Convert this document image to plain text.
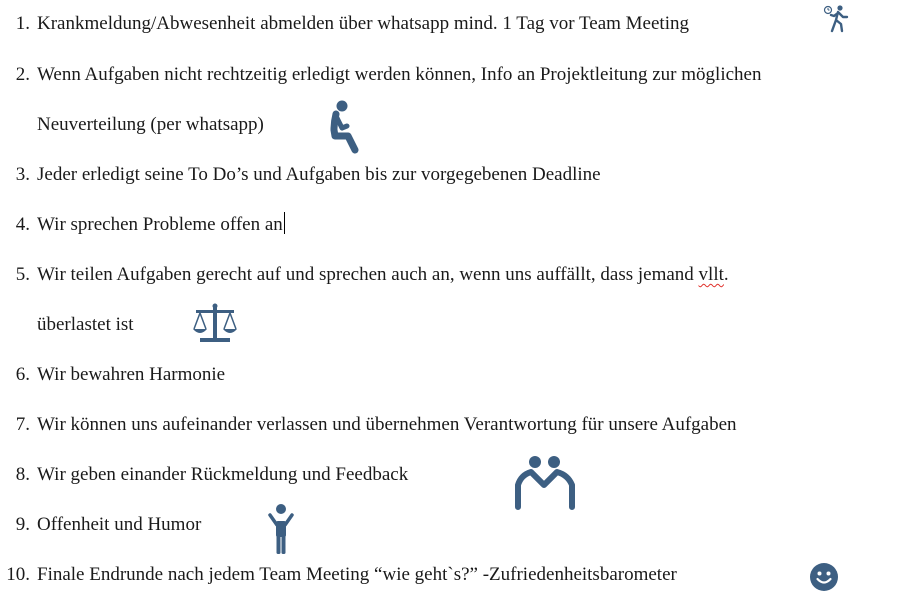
1. Krankmeldung/Abwesenheit abmelden über whatsapp mind. 1 Tag vor Team Meeting
2. Wenn Aufgaben nicht rechtzeitig erledigt werden können, Info an Projektleitung zur möglichen
Neuverteilung (per whatsapp)
3. Jeder erledigt seine To Do’s und Aufgaben bis zur vorgegebenen Deadline
4. Wir sprechen Probleme offen an
5. Wir teilen Aufgaben gerecht auf und sprechen auch an, wenn uns auffällt, dass jemand vllt.
überlastet ist
6. Wir bewahren Harmonie
7. Wir können uns aufeinander verlassen und übernehmen Verantwortung für unsere Aufgaben
8. Wir geben einander Rückmeldung und Feedback
9. Offenheit und Humor
10. Finale Endrunde nach jedem Team Meeting “wie geht`s?” -Zufriedenheitsbarometer
